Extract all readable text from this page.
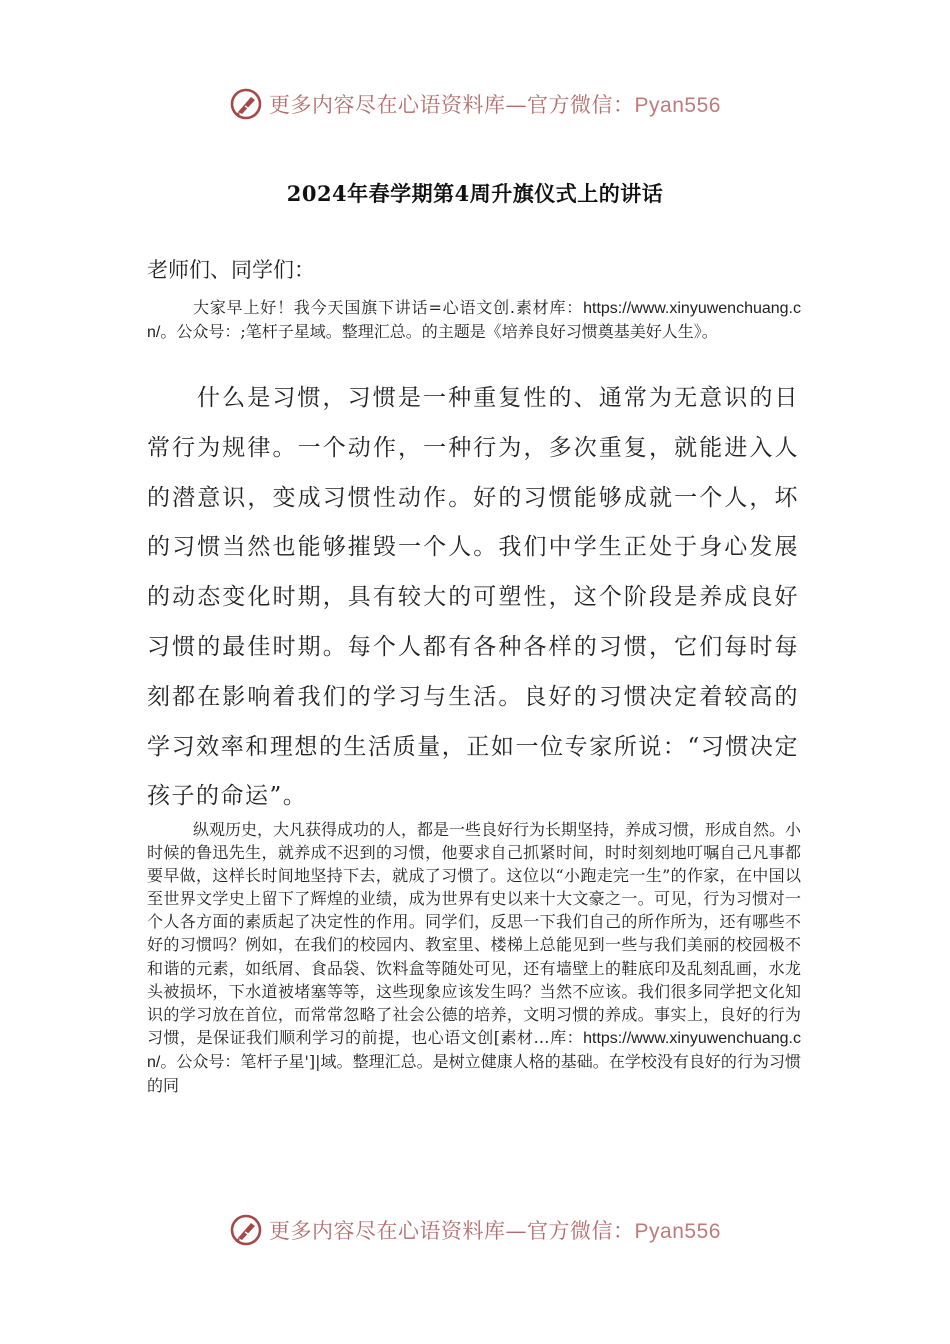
更多内容尽在心语资料库—官方微信：Pyan556
2024年春学期第4周升旗仪式上的讲话
老师们、同学们：
大家早上好！我今天国旗下讲话=心语文创.素材库：https://www.xinyuwenchuang.cn/。公众号：;笔杆子星域。整理汇总。的主题是《培养良好习惯奠基美好人生》。
什么是习惯，习惯是一种重复性的、通常为无意识的日常行为规律。一个动作，一种行为，多次重复，就能进入人的潜意识，变成习惯性动作。好的习惯能够成就一个人，坏的习惯当然也能够摧毁一个人。我们中学生正处于身心发展的动态变化时期，具有较大的可塑性，这个阶段是养成良好习惯的最佳时期。每个人都有各种各样的习惯，它们每时每刻都在影响着我们的学习与生活。良好的习惯决定着较高的学习效率和理想的生活质量，正如一位专家所说：“习惯决定孩子的命运”。
纵观历史，大凡获得成功的人，都是一些良好行为长期坚持，养成习惯，形成自然。小时候的鲁迅先生，就养成不迟到的习惯，他要求自己抓紧时间，时时刻刻地叮嘱自己凡事都要早做，这样长时间地坚持下去，就成了习惯了。这位以“小跑走完一生”的作家，在中国以至世界文学史上留下了辉煌的业绩，成为世界有史以来十大文豪之一。可见，行为习惯对一个人各方面的素质起了决定性的作用。同学们，反思一下我们自己的所作所为，还有哪些不好的习惯吗？例如，在我们的校园内、教室里、楼梯上总能见到一些与我们美丽的校园极不和谐的元素，如纸屑、食品袋、饮料盒等随处可见，还有墙壁上的鞋底印及乱刻乱画，水龙头被损坏，下水道被堵塞等等，这些现象应该发生吗？当然不应该。我们很多同学把文化知识的学习放在首位，而常常忽略了社会公德的培养，文明习惯的养成。事实上，良好的行为习惯，是保证我们顺利学习的前提，也心语文创[素材…库：https://www.xinyuwenchuang.cn/。公众号：笔杆子星']|域。整理汇总。是树立健康人格的基础。在学校没有良好的行为习惯的同
更多内容尽在心语资料库—官方微信：Pyan556
